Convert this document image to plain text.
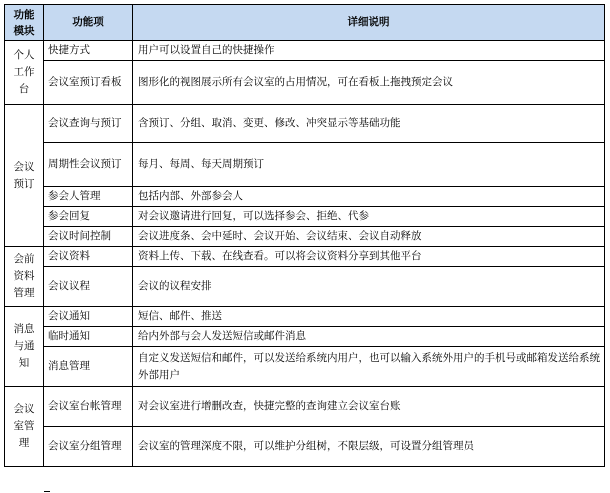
功能模块	功能项	详细说明

个人工作台	快捷方式	用户可以设置自己的快捷操作
	会议室预订看板	图形化的视图展示所有会议室的占用情况，可在看板上拖拽预定会议

会议预订	会议查询与预订	含预订、分组、取消、变更、修改、冲突显示等基础功能
	周期性会议预订	每月、每周、每天周期预订
	参会人管理	包括内部、外部参会人
	参会回复	对会议邀请进行回复，可以选择参会、拒绝、代参
	会议时间控制	会议进度条、会中延时、会议开始、会议结束、会议自动释放

会前资料管理	会议资料	资料上传、下载、在线查看。可以将会议资料分享到其他平台
	会议议程	会议的议程安排

消息与通知	会议通知	短信、邮件、推送
	临时通知	给内外部与会人发送短信或邮件消息
	消息管理	自定义发送短信和邮件，可以发送给系统内用户，也可以输入系统外用户的手机号或邮箱发送给系统外部用户

会议室管理	会议室台帐管理	对会议室进行增删改查，快捷完整的查询建立会议室台账
	会议室分组管理	会议室的管理深度不限，可以维护分组树，不限层级，可设置分组管理员
